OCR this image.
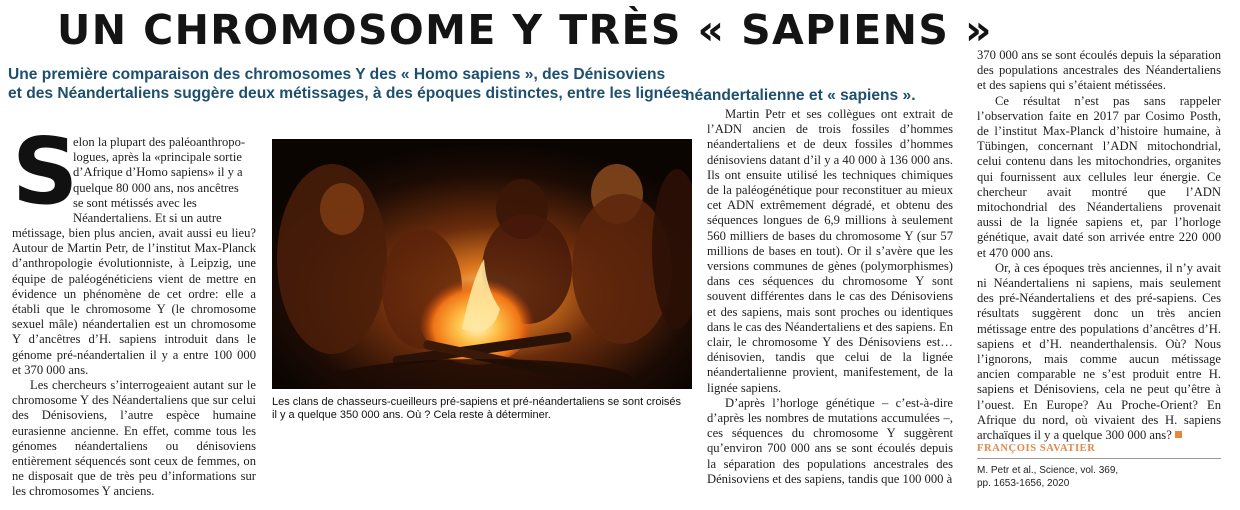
UN CHROMOSOME Y TRÈS « SAPIENS »
Une première comparaison des chromosomes Y des « Homo sapiens », des Dénisoviens
et des Néandertaliens suggère deux métissages, à des époques distinctes, entre les lignées
néandertalienne et « sapiens ».
S
elon la plupart des paléoanthropo-
logues, après la «principale sortie
d’Afrique d’Homo sapiens» il y a
quelque 80 000 ans, nos ancêtres
se sont métissés avec les
Néandertaliens. Et si un autre

métissage, bien plus ancien, avait aussi eu lieu? Autour de Martin Petr, de l’institut Max-Planck d’anthropologie évolutionniste, à Leipzig, une équipe de paléogénéticiens vient de mettre en évidence un phénomène de cet ordre: elle a établi que le chromosome Y (le chromosome sexuel mâle) néandertalien est un chromosome Y d’ancêtres d’H. sapiens introduit dans le génome pré-néandertalien il y a entre 100 000 et 370 000 ans.

Les chercheurs s’interrogeaient autant sur le chromosome Y des Néandertaliens que sur celui des Dénisoviens, l’autre espèce humaine eurasienne ancienne. En effet, comme tous les génomes néandertaliens ou dénisoviens entièrement séquencés sont ceux de femmes, on ne disposait que de très peu d’informations sur les chromosomes Y anciens.

Les clans de chasseurs-cueilleurs pré-sapiens et pré-néandertaliens se sont croisés
il y a quelque 350 000 ans. Où ? Cela reste à déterminer.

Martin Petr et ses collègues ont extrait de l’ADN ancien de trois fossiles d’hommes néandertaliens et de deux fossiles d’hommes dénisoviens datant d’il y a 40 000 à 136 000 ans. Ils ont ensuite utilisé les techniques chimiques de la paléogénétique pour reconstituer au mieux cet ADN extrêmement dégradé, et obtenu des séquences longues de 6,9 millions à seulement 560 milliers de bases du chromosome Y (sur 57 millions de bases en tout). Or il s’avère que les versions communes de gènes (polymorphismes) dans ces séquences du chromosome Y sont souvent différentes dans le cas des Dénisoviens et des sapiens, mais sont proches ou identiques dans le cas des Néandertaliens et des sapiens. En clair, le chromosome Y des Dénisoviens est… dénisovien, tandis que celui de la lignée néandertalienne provient, manifestement, de la lignée sapiens.

D’après l’horloge génétique – c’est-à-dire d’après les nombres de mutations accumulées –, ces séquences du chromosome Y suggèrent qu’environ 700 000 ans se sont écoulés depuis la séparation des populations ancestrales des Dénisoviens et des sapiens, tandis que 100 000 à

370 000 ans se sont écoulés depuis la séparation des populations ancestrales des Néandertaliens et des sapiens qui s’étaient métissées.

Ce résultat n’est pas sans rappeler l’observation faite en 2017 par Cosimo Posth, de l’institut Max-Planck d’histoire humaine, à Tübingen, concernant l’ADN mitochondrial, celui contenu dans les mitochondries, organites qui fournissent aux cellules leur énergie. Ce chercheur avait montré que l’ADN mitochondrial des Néandertaliens provenait aussi de la lignée sapiens et, par l’horloge génétique, avait daté son arrivée entre 220 000 et 470 000 ans.

Or, à ces époques très anciennes, il n’y avait ni Néandertaliens ni sapiens, mais seulement des pré-Néandertaliens et des pré-sapiens. Ces résultats suggèrent donc un très ancien métissage entre des populations d’ancêtres d’H. sapiens et d’H. neanderthalensis. Où? Nous l’ignorons, mais comme aucun métissage ancien comparable ne s’est produit entre H. sapiens et Dénisoviens, cela ne peut qu’être à l’ouest. En Europe? Au Proche-Orient? En Afrique du nord, où vivaient des H. sapiens archaïques il y a quelque 300 000 ans?

FRANÇOIS SAVATIER
M. Petr et al., Science, vol. 369,
pp. 1653-1656, 2020
